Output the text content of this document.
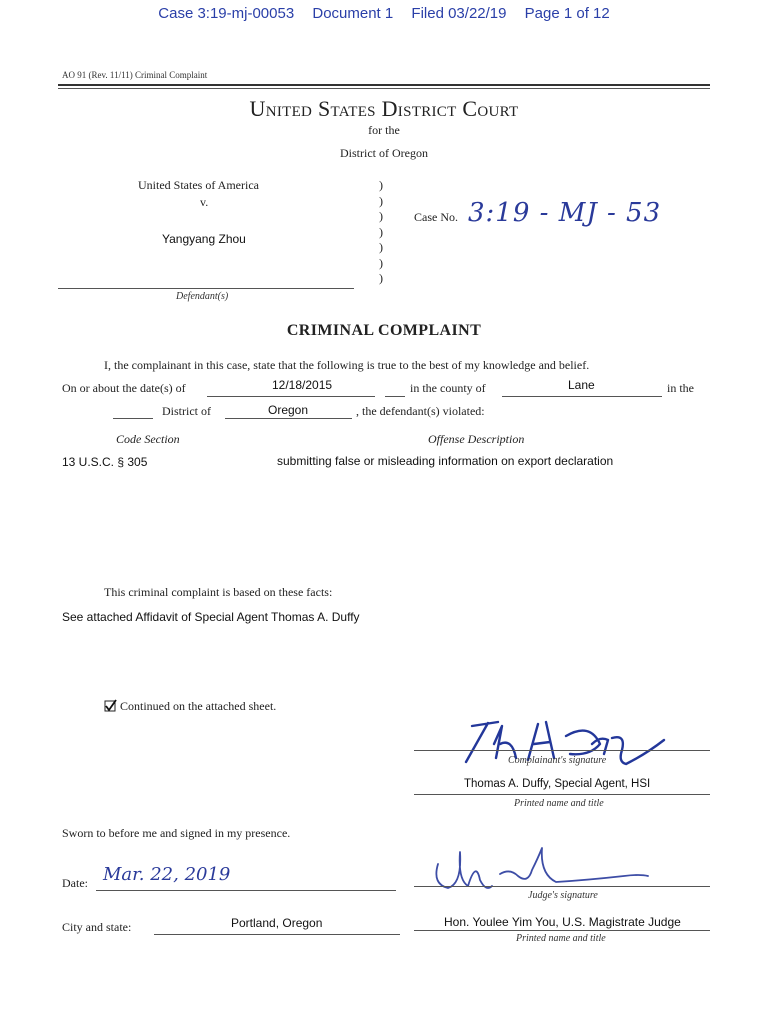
Case 3:19-mj-00053 Document 1 Filed 03/22/19 Page 1 of 12
AO 91 (Rev. 11/11) Criminal Complaint
United States District Court
for the
District of Oregon
United States of America
v.
Yangyang Zhou
Defendant(s)
)
)
)
)
)
)
)
Case No. 3:19 - MJ - 53
CRIMINAL COMPLAINT
I, the complainant in this case, state that the following is true to the best of my knowledge and belief.
On or about the date(s) of	12/18/2015	in the county of	Lane	in the
District of	Oregon	, the defendant(s) violated:
Code Section	Offense Description
13 U.S.C. § 305	submitting false or misleading information on export declaration
This criminal complaint is based on these facts:
See attached Affidavit of Special Agent Thomas A. Duffy
Continued on the attached sheet.
Complainant's signature
Thomas A. Duffy, Special Agent, HSI
Printed name and title
Sworn to before me and signed in my presence.
Date: Mar. 22, 2019
Judge's signature
City and state:	Portland, Oregon	Hon. Youlee Yim You, U.S. Magistrate Judge
Printed name and title
